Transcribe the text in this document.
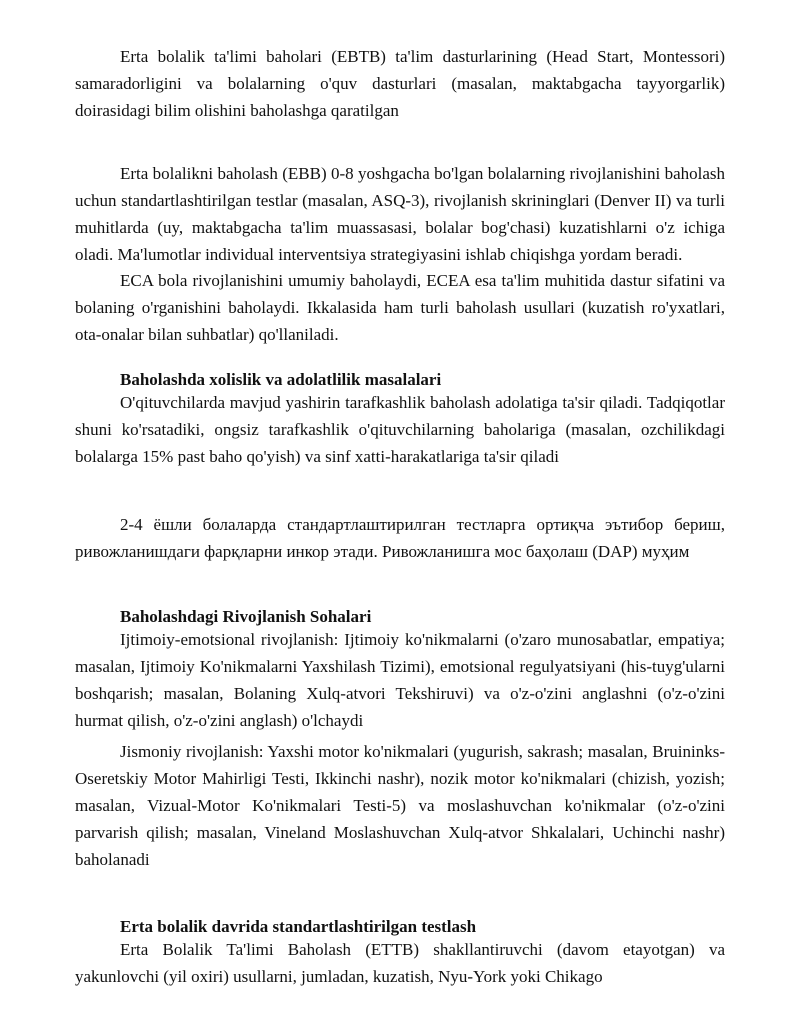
Erta bolalik ta'limi baholari (EBTB) ta'lim dasturlarining (Head Start, Montessori) samaradorligini va bolalarning o'quv dasturlari (masalan, maktabgacha tayyorgarlik) doirasidagi bilim olishini baholashga qaratilgan

Erta bolalikni baholash (EBB) 0-8 yoshgacha bo'lgan bolalarning rivojlanishini baholash uchun standartlashtirilgan testlar (masalan, ASQ-3), rivojlanish skrininglari (Denver II) va turli muhitlarda (uy, maktabgacha ta'lim muassasasi, bolalar bog'chasi) kuzatishlarni o'z ichiga oladi. Ma'lumotlar individual interventsiya strategiyasini ishlab chiqishga yordam beradi.

ECA bola rivojlanishini umumiy baholaydi, ECEA esa ta'lim muhitida dastur sifatini va bolaning o'rganishini baholaydi. Ikkalasida ham turli baholash usullari (kuzatish ro'yxatlari, ota-onalar bilan suhbatlar) qo'llaniladi.

Baholashda xolislik va adolatlilik masalalari

O'qituvchilarda mavjud yashirin tarafkashlik baholash adolatiga ta'sir qiladi. Tadqiqotlar shuni ko'rsatadiki, ongsiz tarafkashlik o'qituvchilarning baholariga (masalan, ozchilikdagi bolalarga 15% past baho qo'yish) va sinf xatti-harakatlariga ta'sir qiladi

2-4 ёшли болаларда стандартлаштирилган тестларга ортиқча эътибор бериш, ривожланишдаги фарқларни инкор этади. Ривожланишга мос баҳолаш (DAP) муҳим

Baholashdagi Rivojlanish Sohalari

Ijtimoiy-emotsional rivojlanish: Ijtimoiy ko'nikmalarni (o'zaro munosabatlar, empatiya; masalan, Ijtimoiy Ko'nikmalarni Yaxshilash Tizimi), emotsional regulyatsiyani (his-tuyg'ularni boshqarish; masalan, Bolaning Xulq-atvori Tekshiruvi) va o'z-o'zini anglashni (o'z-o'zini hurmat qilish, o'z-o'zini anglash) o'lchaydi

Jismoniy rivojlanish: Yaxshi motor ko'nikmalari (yugurish, sakrash; masalan, Bruininks-Oseretskiy Motor Mahirligi Testi, Ikkinchi nashr), nozik motor ko'nikmalari (chizish, yozish; masalan, Vizual-Motor Ko'nikmalari Testi-5) va moslashuvchan ko'nikmalar (o'z-o'zini parvarish qilish; masalan, Vineland Moslashuvchan Xulq-atvor Shkalalari, Uchinchi nashr) baholanadi

Erta bolalik davrida standartlashtirilgan testlash

Erta Bolalik Ta'limi Baholash (ETTB) shakllantiruvchi (davom etayotgan) va yakunlovchi (yil oxiri) usullarni, jumladan, kuzatish, Nyu-York yoki Chikago
